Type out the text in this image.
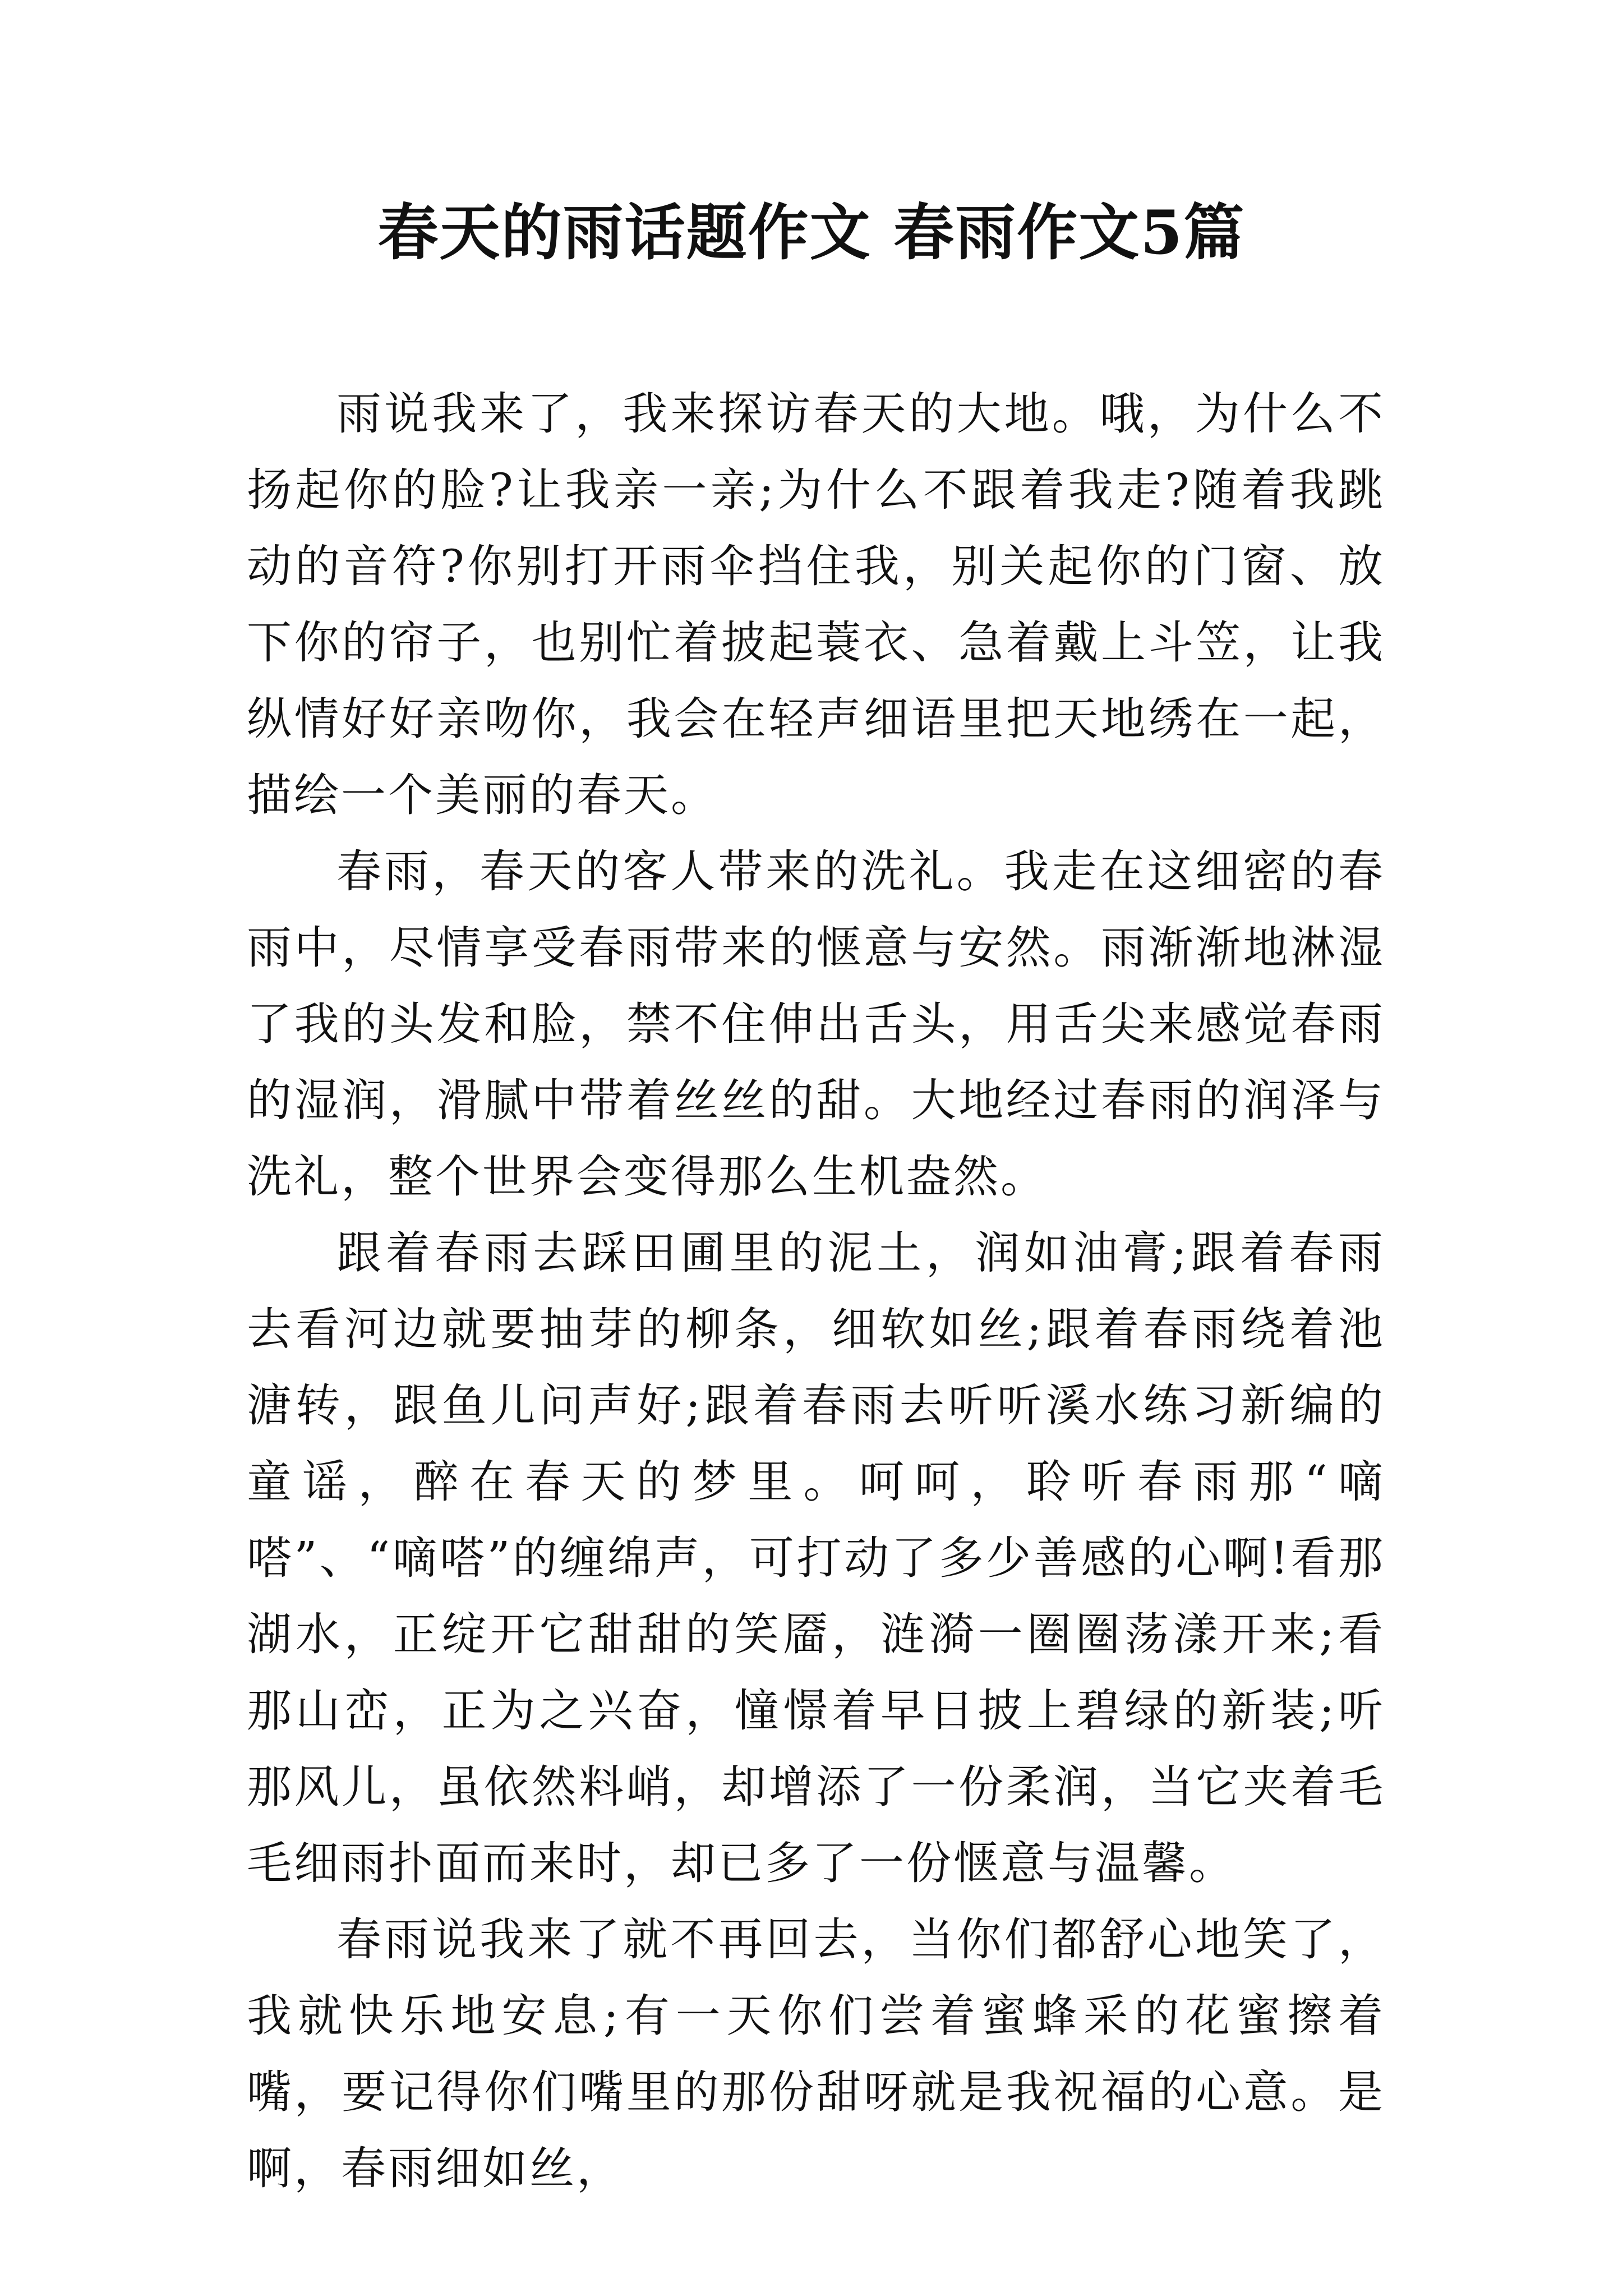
春天的雨话题作文 春雨作文5篇

雨说我来了，我来探访春天的大地。哦，为什么不扬起你的脸?让我亲一亲;为什么不跟着我走?随着我跳动的音符?你别打开雨伞挡住我，别关起你的门窗、放下你的帘子，也别忙着披起蓑衣、急着戴上斗笠，让我纵情好好亲吻你，我会在轻声细语里把天地绣在一起，描绘一个美丽的春天。

春雨，春天的客人带来的洗礼。我走在这细密的春雨中，尽情享受春雨带来的惬意与安然。雨渐渐地淋湿了我的头发和脸，禁不住伸出舌头，用舌尖来感觉春雨的湿润，滑腻中带着丝丝的甜。大地经过春雨的润泽与洗礼，整个世界会变得那么生机盎然。

跟着春雨去踩田圃里的泥土，润如油膏;跟着春雨去看河边就要抽芽的柳条，细软如丝;跟着春雨绕着池溏转，跟鱼儿问声好;跟着春雨去听听溪水练习新编的童谣，醉在春天的梦里。呵呵，聆听春雨那“嘀嗒”、“嘀嗒”的缠绵声，可打动了多少善感的心啊!看那湖水，正绽开它甜甜的笑靥，涟漪一圈圈荡漾开来;看那山峦，正为之兴奋，憧憬着早日披上碧绿的新装;听那风儿，虽依然料峭，却增添了一份柔润，当它夹着毛毛细雨扑面而来时，却已多了一份惬意与温馨。

春雨说我来了就不再回去，当你们都舒心地笑了，我就快乐地安息;有一天你们尝着蜜蜂采的花蜜擦着嘴，要记得你们嘴里的那份甜呀就是我祝福的心意。是啊，春雨细如丝，
